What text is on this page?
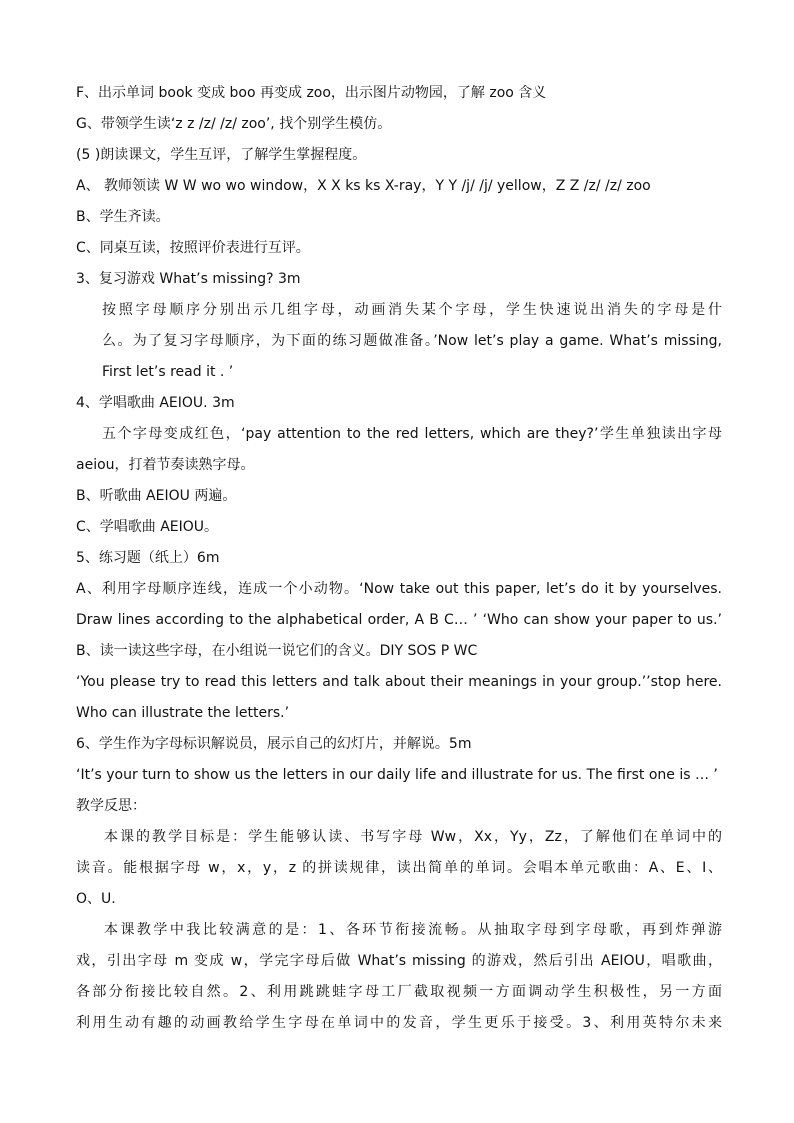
F、出示单词 book 变成 boo 再变成 zoo，出示图片动物园，了解 zoo 含义
G、带领学生读‘z z /z/ /z/ zoo’, 找个别学生模仿。
(5 )朗读课文，学生互评，了解学生掌握程度。
A、 教师领读 W W wo wo window，X X ks ks X-ray，Y Y /j/ /j/ yellow，Z Z /z/ /z/ zoo
B、学生齐读。
C、同桌互读，按照评价表进行互评。
3、复习游戏 What’s missing? 3m
按照字母顺序分别出示几组字母，动画消失某个字母，学生快速说出消失的字母是什
么。为了复习字母顺序，为下面的练习题做准备。’Now let’s play a game. What’s missing,
First let’s read it . ’
4、学唱歌曲 AEIOU. 3m
五个字母变成红色，‘pay attention to the red letters, which are they?’学生单独读出字母
aeiou，打着节奏读熟字母。
B、听歌曲 AEIOU 两遍。
C、学唱歌曲 AEIOU。
5、练习题（纸上）6m
A、利用字母顺序连线，连成一个小动物。‘Now take out this paper, let’s do it by yourselves.
Draw lines according to the alphabetical order, A B C… ’ ‘Who can show your paper to us.’
B、读一读这些字母，在小组说一说它们的含义。DIY SOS P WC
‘You please try to read this letters and talk about their meanings in your group.’’stop here.
Who can illustrate the letters.’
6、学生作为字母标识解说员，展示自己的幻灯片，并解说。5m
‘It’s your turn to show us the letters in our daily life and illustrate for us. The first one is … ’
教学反思：
本课的教学目标是：学生能够认读、书写字母 Ww，Xx，Yy，Zz，了解他们在单词中的
读音。能根据字母 w，x，y，z 的拼读规律，读出简单的单词。会唱本单元歌曲：A、E、I、
O、U.
本课教学中我比较满意的是：1、各环节衔接流畅。从抽取字母到字母歌，再到炸弹游
戏，引出字母 m 变成 w，学完字母后做 What’s missing 的游戏，然后引出 AEIOU，唱歌曲，
各部分衔接比较自然。2、利用跳跳蛙字母工厂截取视频一方面调动学生积极性，另一方面
利用生动有趣的动画教给学生字母在单词中的发音，学生更乐于接受。3、利用英特尔未来
